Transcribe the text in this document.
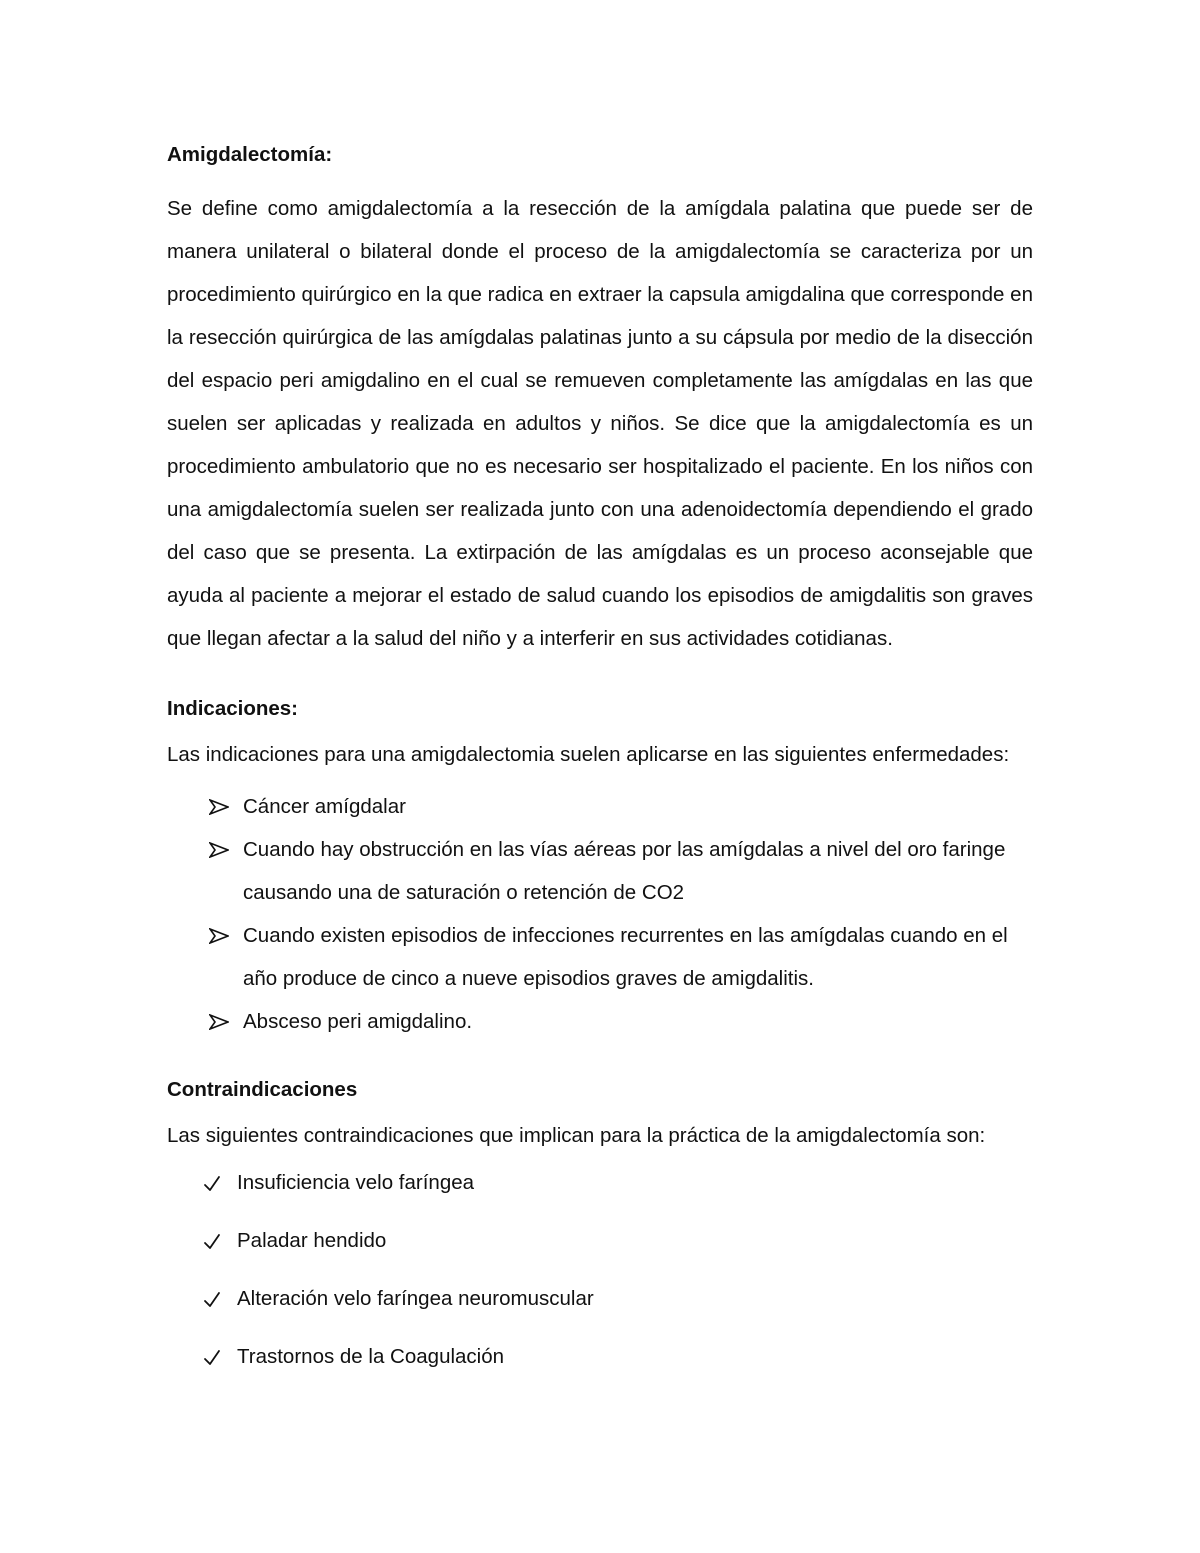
Amigdalectomía:

Se define como amigdalectomía a la resección de la amígdala palatina que puede ser de manera unilateral o bilateral donde el proceso de la amigdalectomía se caracteriza por un procedimiento quirúrgico en la que radica en extraer la capsula amigdalina que corresponde en la resección quirúrgica de las amígdalas palatinas junto a su cápsula por medio de la disección del espacio peri amigdalino en el cual se remueven completamente las amígdalas en las que suelen ser aplicadas y realizada en adultos y niños. Se dice que la amigdalectomía es un procedimiento ambulatorio que no es necesario ser hospitalizado el paciente. En los niños con una amigdalectomía suelen ser realizada junto con una adenoidectomía dependiendo el grado del caso que se presenta. La extirpación de las amígdalas es un proceso aconsejable que ayuda al paciente a mejorar el estado de salud cuando los episodios de amigdalitis son graves que llegan afectar a la salud del niño y a interferir en sus actividades cotidianas.

Indicaciones:

Las indicaciones para una amigdalectomia suelen aplicarse en las siguientes enfermedades:

Cáncer amígdalar
Cuando hay obstrucción en las vías aéreas por las amígdalas a nivel del oro faringe causando una de saturación o retención de CO2
Cuando existen episodios de infecciones recurrentes en las amígdalas cuando en el año produce de cinco a nueve episodios graves de amigdalitis.
Absceso peri amigdalino.

Contraindicaciones

Las siguientes contraindicaciones que implican para la práctica de la amigdalectomía son:

Insuficiencia velo faríngea
Paladar hendido
Alteración velo faríngea neuromuscular
Trastornos de la Coagulación
